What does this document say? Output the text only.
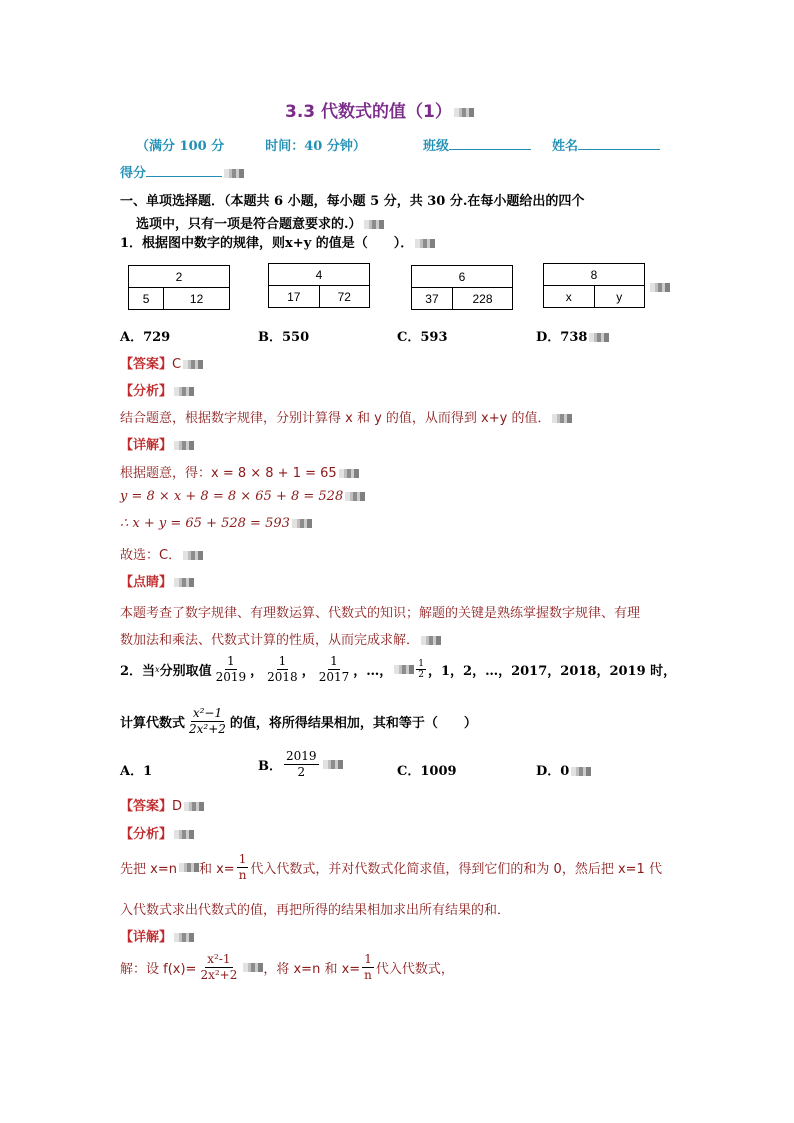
3.3 代数式的值（1）
（满分 100 分	时间：40 分钟）	班级	姓名
得分
一、单项选择题．（本题共 6 小题，每小题 5 分，共 30 分.在每小题给出的四个
选项中，只有一项是符合题意要求的.）
1．根据图中数字的规律，则x+y 的值是（　　）．
2
5	12
4
17	72
6
37	228
8
x	y
A．729	B．550	C．593	D．738
【答案】C
【分析】
结合题意，根据数字规律，分别计算得 x 和 y 的值，从而得到 x+y 的值．
【详解】
根据题意，得：x = 8 × 8 + 1 = 65
y = 8 × x + 8 = 8 × 65 + 8 = 528
∴ x + y = 65 + 528 = 593
故选：C．
【点睛】
本题考查了数字规律、有理数运算、代数式的知识；解题的关键是熟练掌握数字规律、有理
数加法和乘法、代数式计算的性质，从而完成求解．
2．当 x 分别取值 $\frac{1}{2019}$ ， $\frac{1}{2018}$ ， $\frac{1}{2017}$ ，…，	$\frac{1}{2}$ ，1，2，…，2017，2018，2019 时，
计算代数式 $\frac{\text{x²−1}}{\text{2x²+2}}$ 的值，将所得结果相加，其和等于（　　）
A．1	B． $\frac{2019}{2}$	C．1009	D．0
【答案】D
【分析】
先把 x=n 和 $x= \frac{1}{n}$ 代入代数式，并对代数式化简求值，得到它们的和为 0，然后把 x=1 代
入代数式求出代数式的值，再把所得的结果相加求出所有结果的和．
【详解】
解：设 $f(x)= \frac{\text{x²-1}}{\text{2x²+2}}$ ，将 x=n 和 $x= \frac{1}{n}$ 代入代数式，
